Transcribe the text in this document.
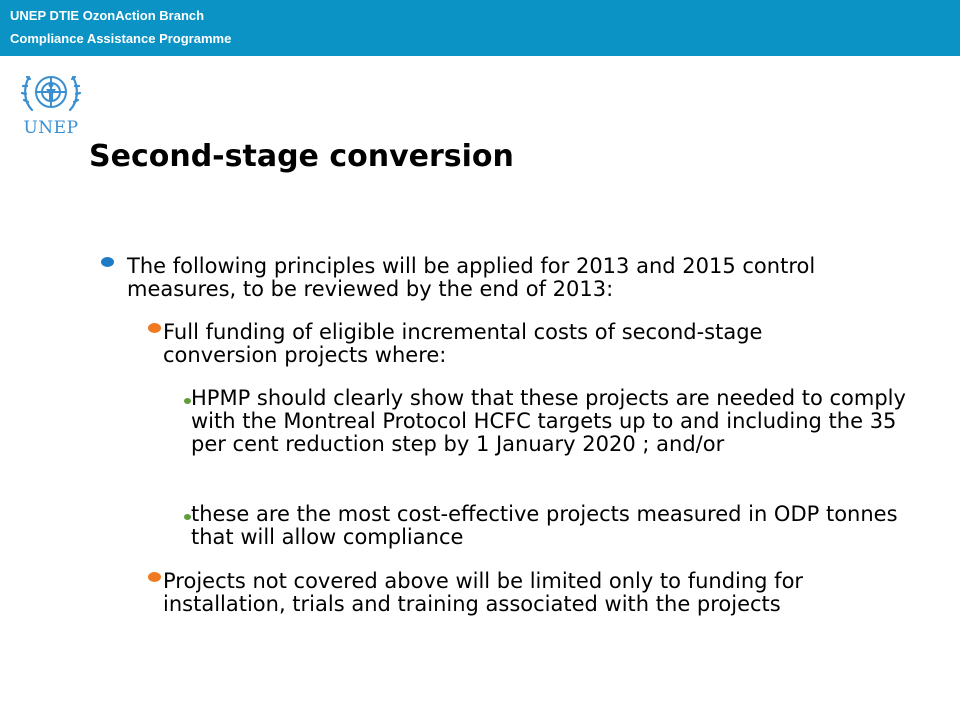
UNEP DTIE OzonAction Branch
Compliance Assistance Programme
UNEP
Second-stage conversion
The following principles will be applied for 2013 and 2015 control measures, to be reviewed by the end of 2013:
Full funding of eligible incremental costs of second-stage conversion projects where:
HPMP should clearly show that these projects are needed to comply with the Montreal Protocol HCFC targets up to and including the 35 per cent reduction step by 1 January 2020 ; and/or
these are the most cost-effective projects measured in ODP tonnes that will allow compliance
Projects not covered above will be limited only to funding for installation, trials and training associated with the projects
